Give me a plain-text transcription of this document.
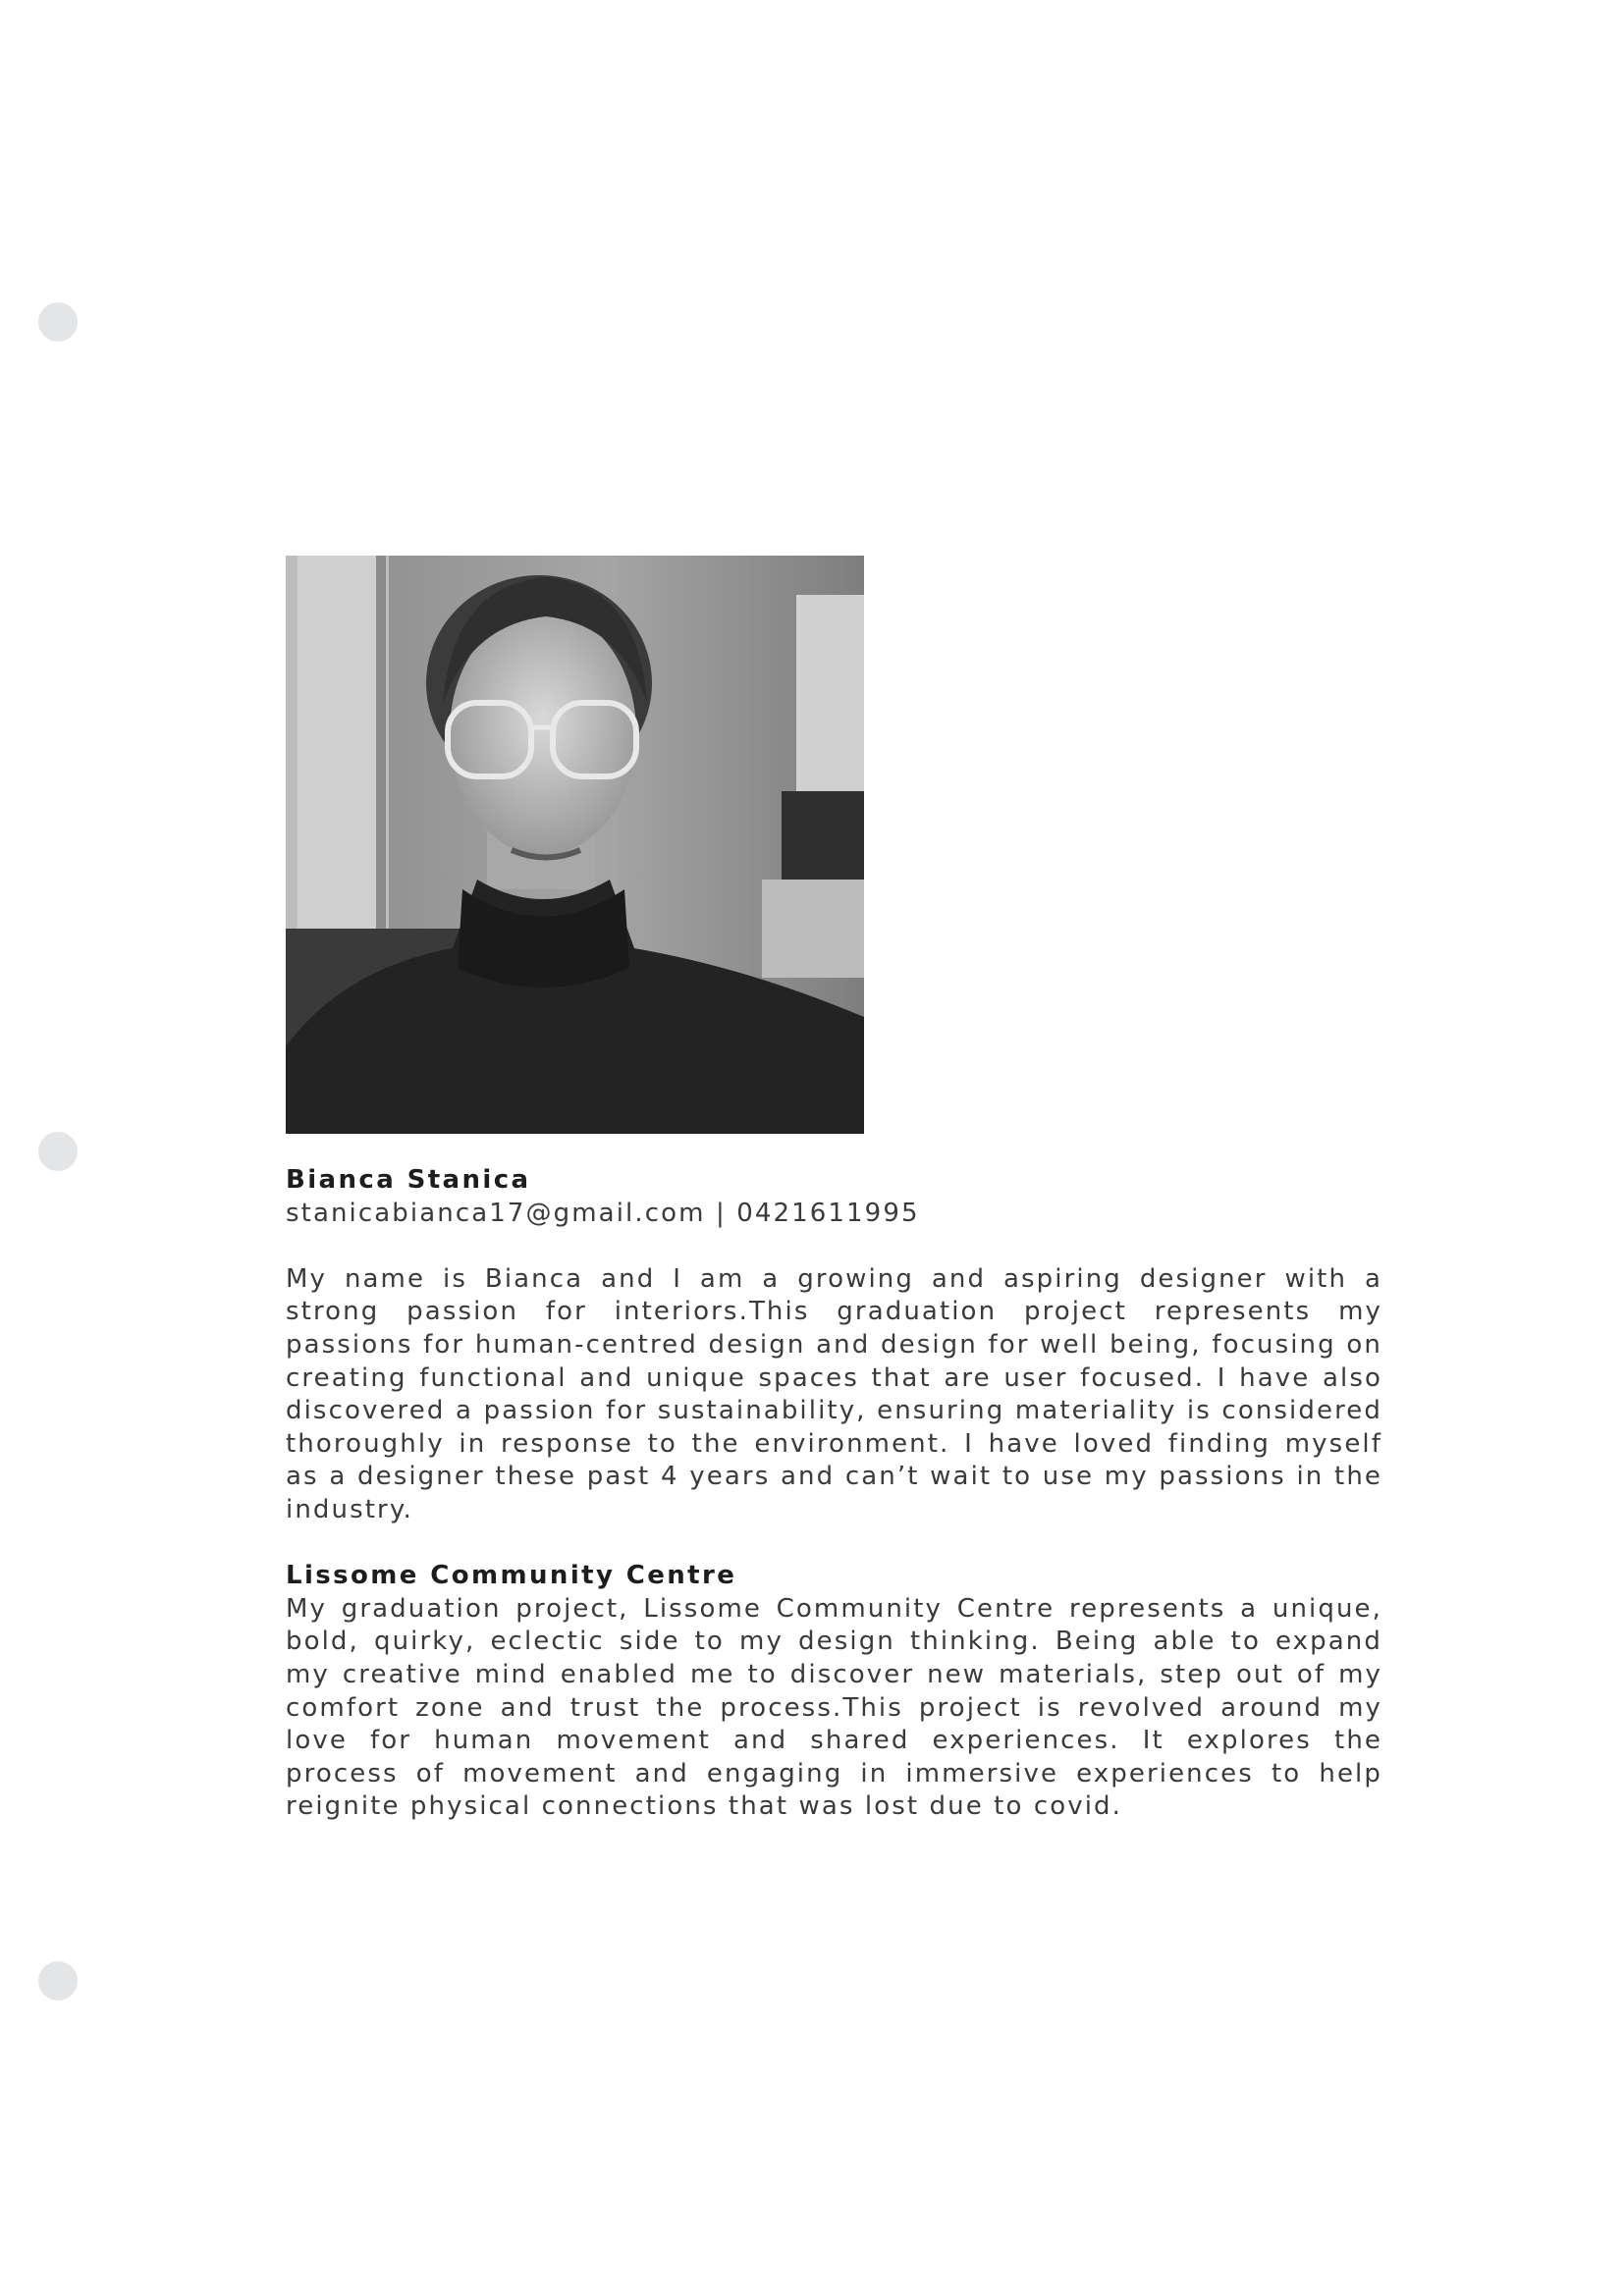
Bianca Stanica

stanicabianca17@gmail.com | 0421611995

My name is Bianca and I am a growing and aspiring designer with a strong passion for interiors.This graduation project represents my passions for human-centred design and design for well being, focusing on creating functional and unique spaces that are user focused. I have also discovered a passion for sustainability, ensuring materiality is considered thoroughly in response to the environment. I have loved finding myself as a designer these past 4 years and can’t wait to use my passions in the industry.

Lissome Community Centre

My graduation project, Lissome Community Centre represents a unique, bold, quirky, eclectic side to my design thinking. Being able to expand my creative mind enabled me to discover new materials, step out of my comfort zone and trust the process.This project is revolved around my love for human movement and shared experiences. It explores the process of movement and engaging in immersive experiences to help reignite physical connections that was lost due to covid.
